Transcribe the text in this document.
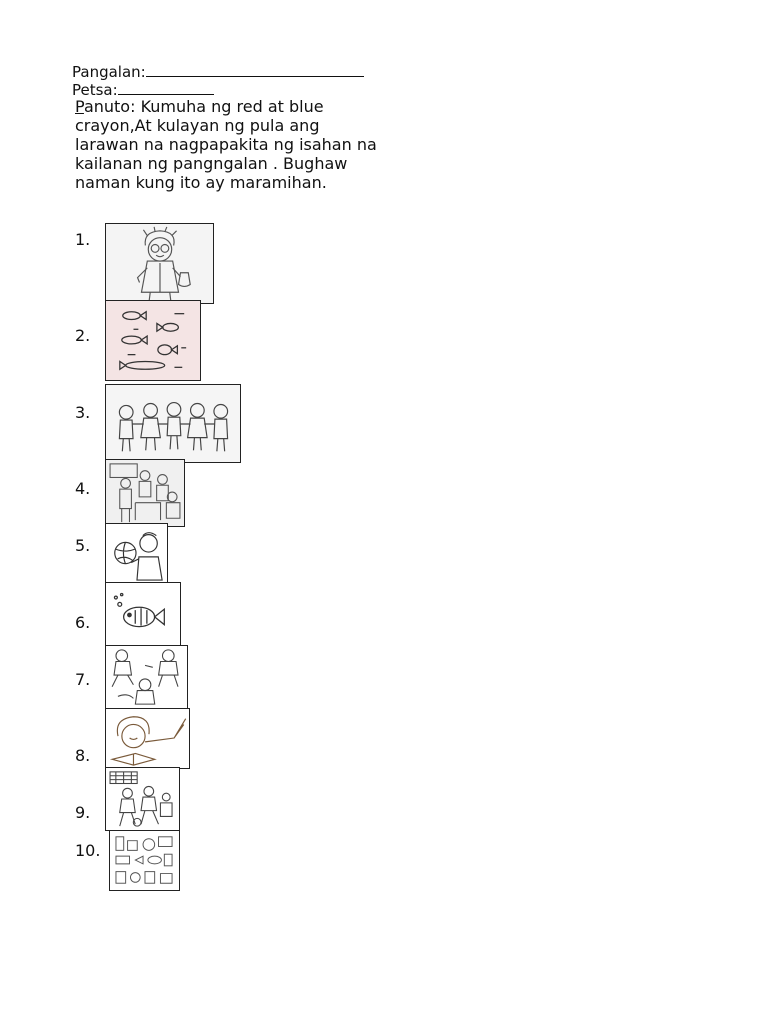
Pangalan:
Petsa:
Panuto: Kumuha ng red at blue crayon,At kulayan ng pula ang larawan na nagpapakita ng isahan na kailanan ng pangngalan . Bughaw naman kung ito ay maramihan.
1.
2.
3.
4.
5.
6.
7.
8.
9.
10.
